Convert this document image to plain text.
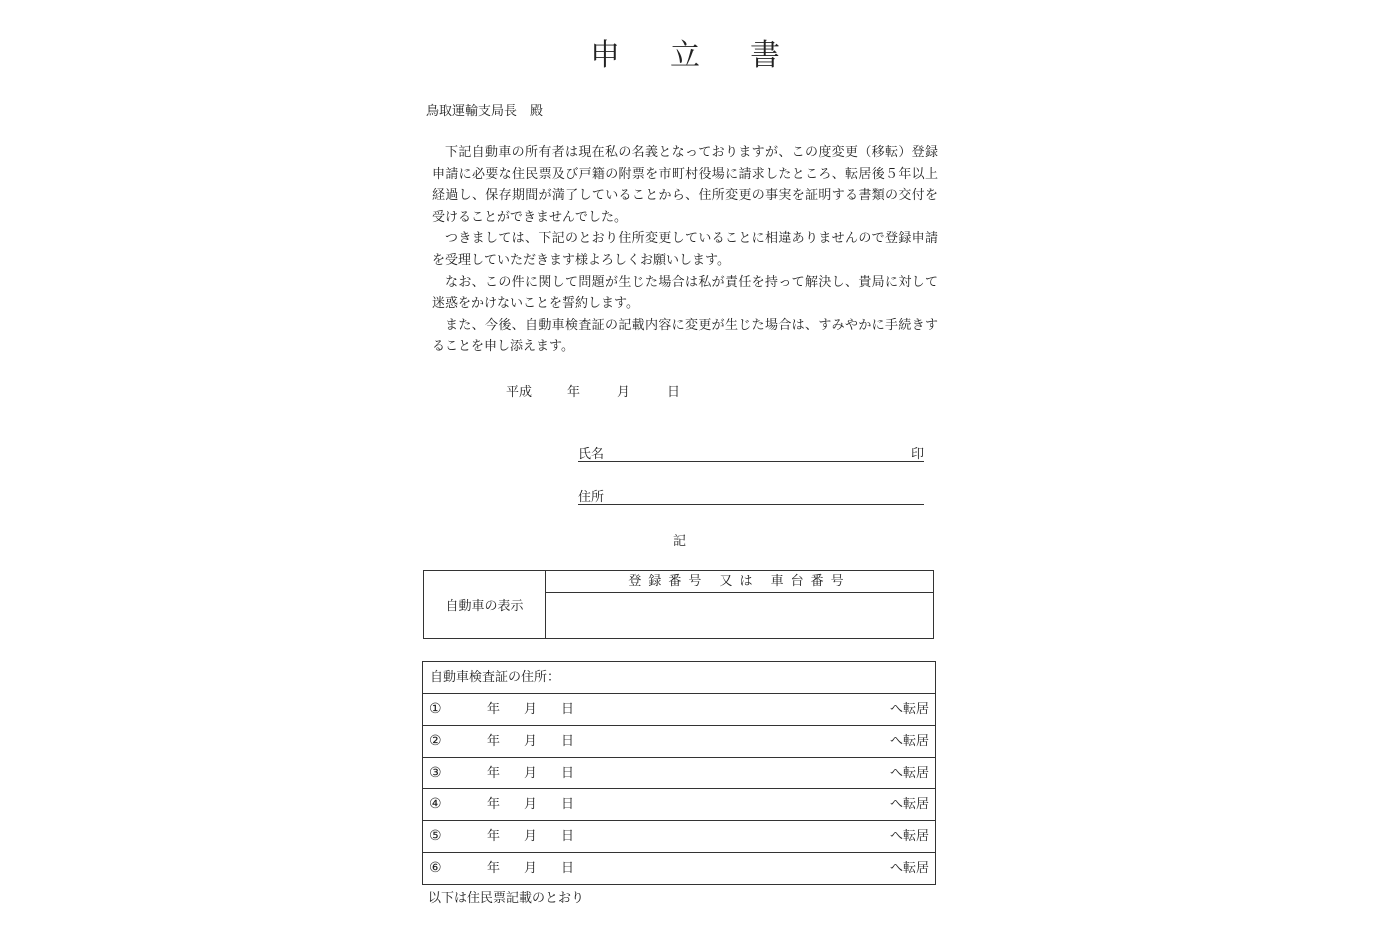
申 立 書
鳥取運輸支局長　殿

下記自動車の所有者は現在私の名義となっておりますが、この度変更（移転）登録申請に必要な住民票及び戸籍の附票を市町村役場に請求したところ、転居後５年以上経過し、保存期間が満了していることから、住所変更の事実を証明する書類の交付を受けることができませんでした。

つきましては、下記のとおり住所変更していることに相違ありませんので登録申請を受理していただきます様よろしくお願いします。

なお、この件に関して問題が生じた場合は私が責任を持って解決し、貴局に対して迷惑をかけないことを誓約します。

また、今後、自動車検査証の記載内容に変更が生じた場合は、すみやかに手続きすることを申し添えます。

平成	年	月	日
氏名	印
住所
記
自動車の表示
登録番号 又は 車台番号
自動車検査証の住所：
①	年 月 日	へ転居
②	年 月 日	へ転居
③	年 月 日	へ転居
④	年 月 日	へ転居
⑤	年 月 日	へ転居
⑥	年 月 日	へ転居
以下は住民票記載のとおり
